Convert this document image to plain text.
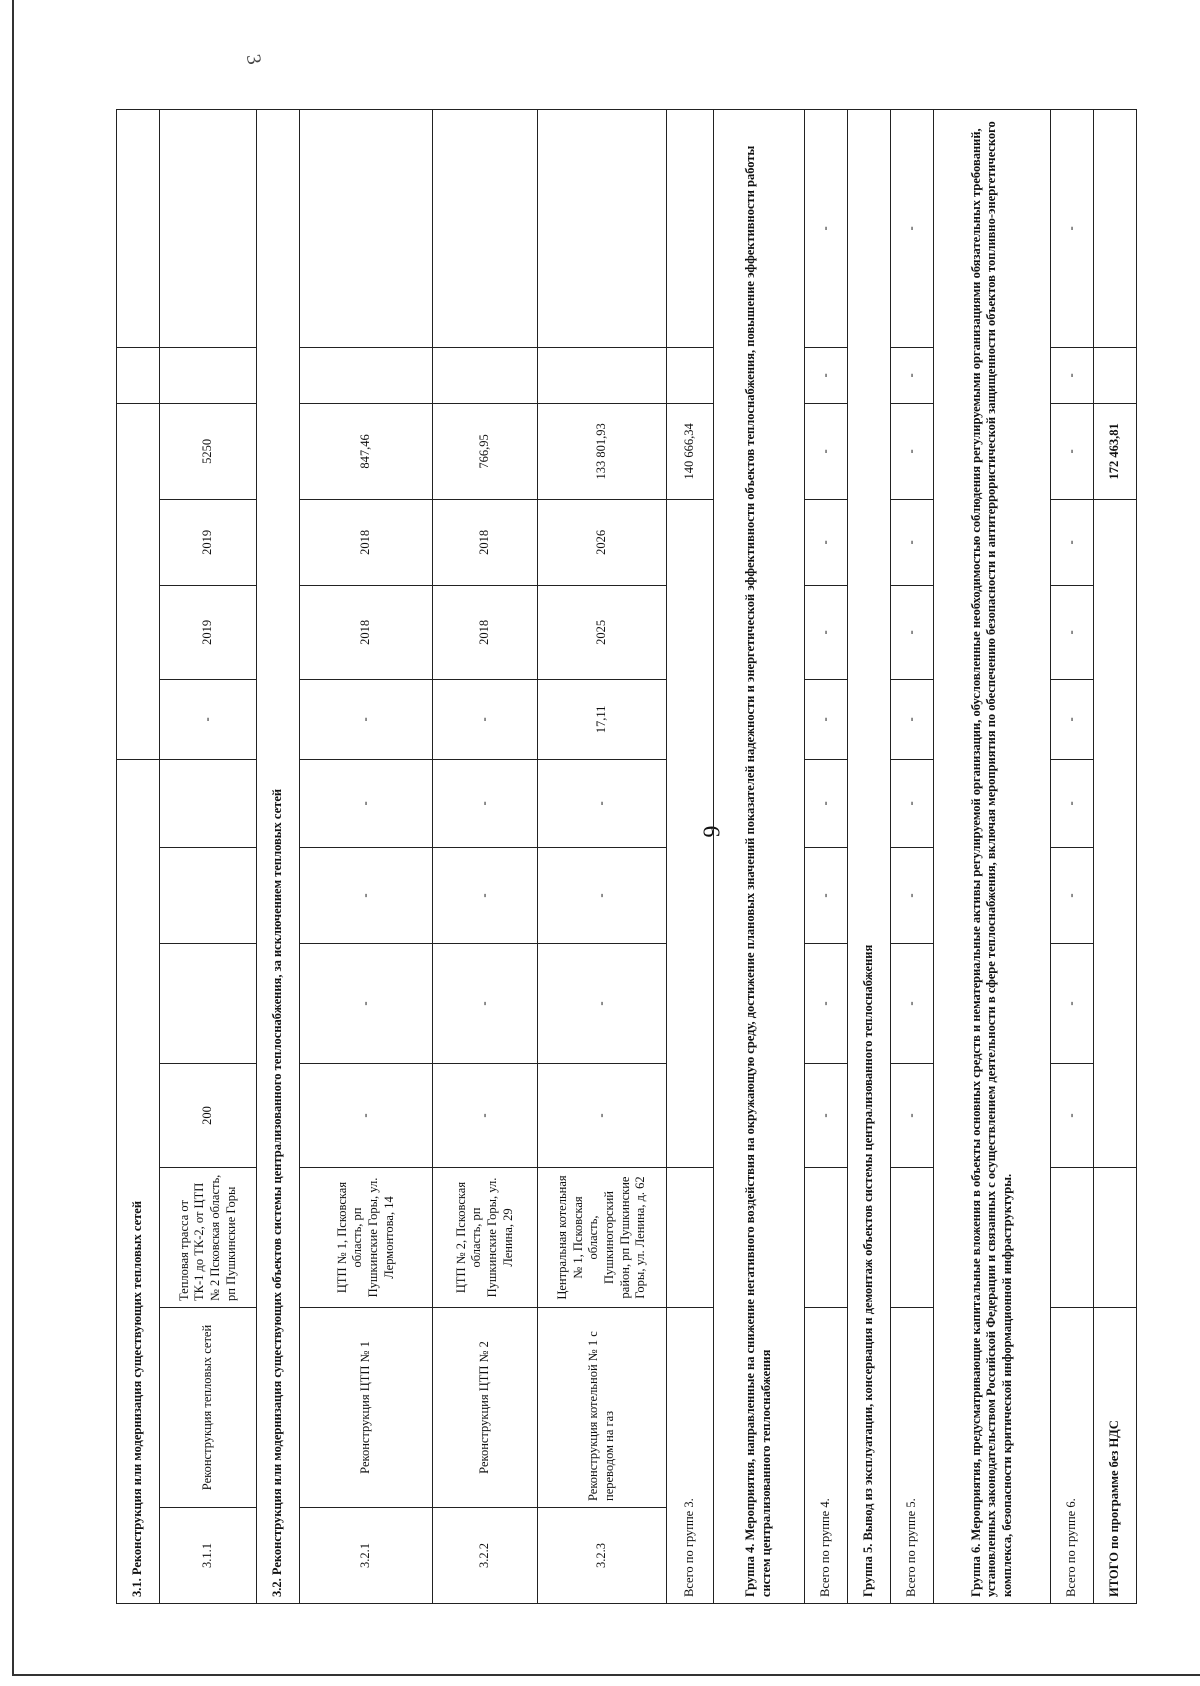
6
3
3.1. Реконструкция или модернизация существующих тепловых сетей												
3.1.1	Реконструкция тепловых сетей	Тепловая трасса от ТК-1 до ТК-2, от ЦТП № 2 Псковская область, рп Пушкинские Горы	200				-	2019	2019	5250		
3.2. Реконструкция или модернизация существующих объектов системы централизованного теплоснабжения, за исключением тепловых сетей												
3.2.1	Реконструкция ЦТП № 1	ЦТП № 1, Псковская область, рп Пушкинские Горы, ул. Лермонтова, 14	-	-	-	-	-	2018	2018	847,46		
3.2.2	Реконструкция ЦТП № 2	ЦТП № 2, Псковская область, рп Пушкинские Горы, ул. Ленина, 29	-	-	-	-	-	2018	2018	766,95		
3.2.3	Реконструкция котельной № 1 с переводом на газ	Центральная котельная № 1, Псковская область, Пушкиногорский район, рп Пушкинские Горы, ул. Ленина, д. 62	-	-	-	-	17,11	2025	2026	133 801,93		
Всего по группе 3.										140 666,34		
Группа 4. Мероприятия, направленные на снижение негативного воздействия на окружающую среду, достижение плановых значений показателей надежности и энергетической эффективности объектов теплоснабжения, повышение эффективности работы систем централизованного теплоснабжения												
Всего по группе 4.			-	-	-	-	-	-	-	-	-	-
Группа 5. Вывод из эксплуатации, консервация и демонтаж объектов системы централизованного теплоснабжения												
Всего по группе 5.			-	-	-	-	-	-	-	-	-	-
Группа 6. Мероприятия, предусматривающие капитальные вложения в объекты основных средств и нематериальные активы регулируемой организации, обусловленные необходимостью соблюдения регулируемыми организациями обязательных требований, установленных законодательством Российской Федерации и связанных с осуществлением деятельности в сфере теплоснабжения, включая мероприятия по обеспечению безопасности и антитеррористической защищенности объектов топливно-энергетического комплекса, безопасности критической информационной инфраструктуры.												
Всего по группе 6.			-	-	-	-	-	-	-	-	-	-
ИТОГО по программе без НДС										172 463,81		
